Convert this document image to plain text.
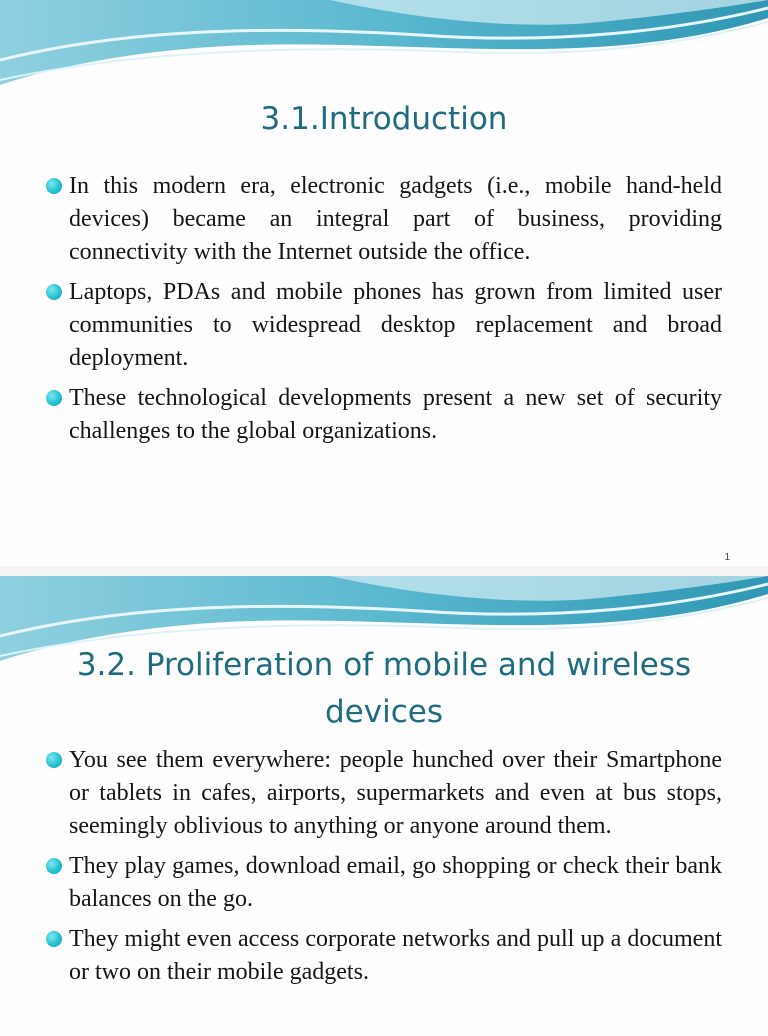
3.1.Introduction
In this modern era, electronic gadgets (i.e., mobile hand-held devices) became an integral part of business, providing connectivity with the Internet outside the office.
Laptops, PDAs and mobile phones has grown from limited user communities to widespread desktop replacement and broad deployment.
These technological developments present a new set of security challenges to the global organizations.
1
3.2. Proliferation of mobile and wireless devices
You see them everywhere: people hunched over their Smartphone or tablets in cafes, airports, supermarkets and even at bus stops, seemingly oblivious to anything or anyone around them.
They play games, download email, go shopping or check their bank balances on the go.
They might even access corporate networks and pull up a document or two on their mobile gadgets.
